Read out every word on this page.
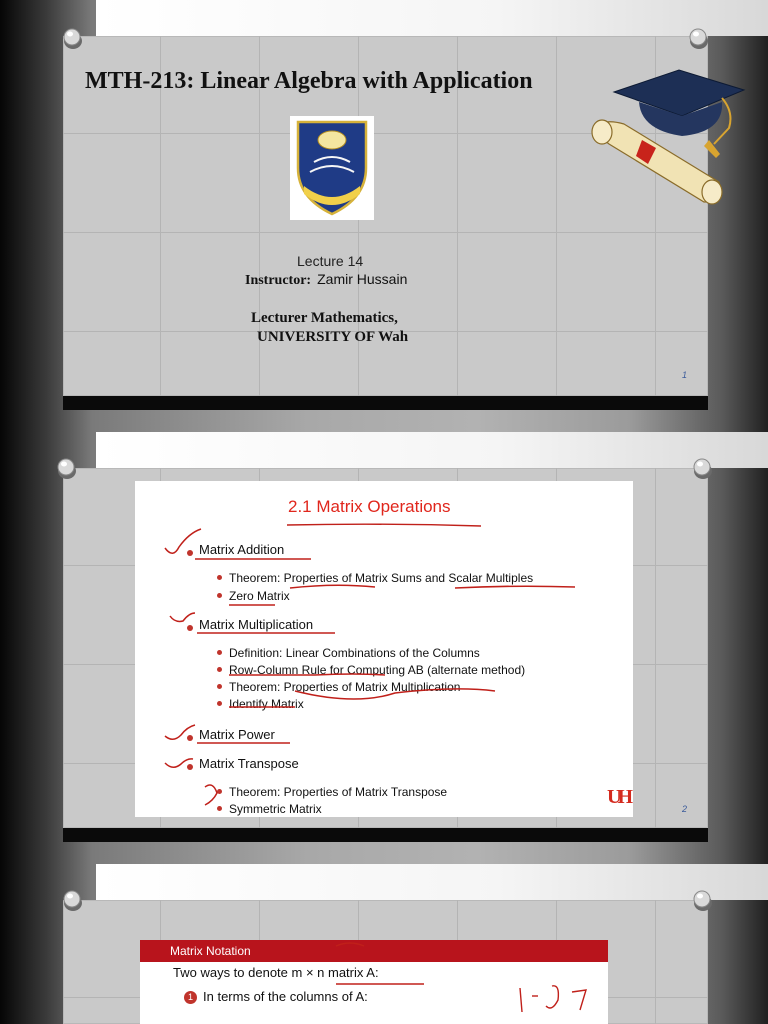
MTH-213: Linear Algebra with Application
Lecture 14
Instructor: Zamir Hussain
Lecturer Mathematics,
UNIVERSITY OF Wah
1
2.1 Matrix Operations
Matrix Addition
Theorem: Properties of Matrix Sums and Scalar Multiples
Zero Matrix
Matrix Multiplication
Definition: Linear Combinations of the Columns
Row-Column Rule for Computing AB (alternate method)
Theorem: Properties of Matrix Multiplication
Identify Matrix
Matrix Power
Matrix Transpose
Theorem: Properties of Matrix Transpose
Symmetric Matrix
UH
2
Matrix Notation
Two ways to denote m × n matrix A:
1 In terms of the columns of A:
